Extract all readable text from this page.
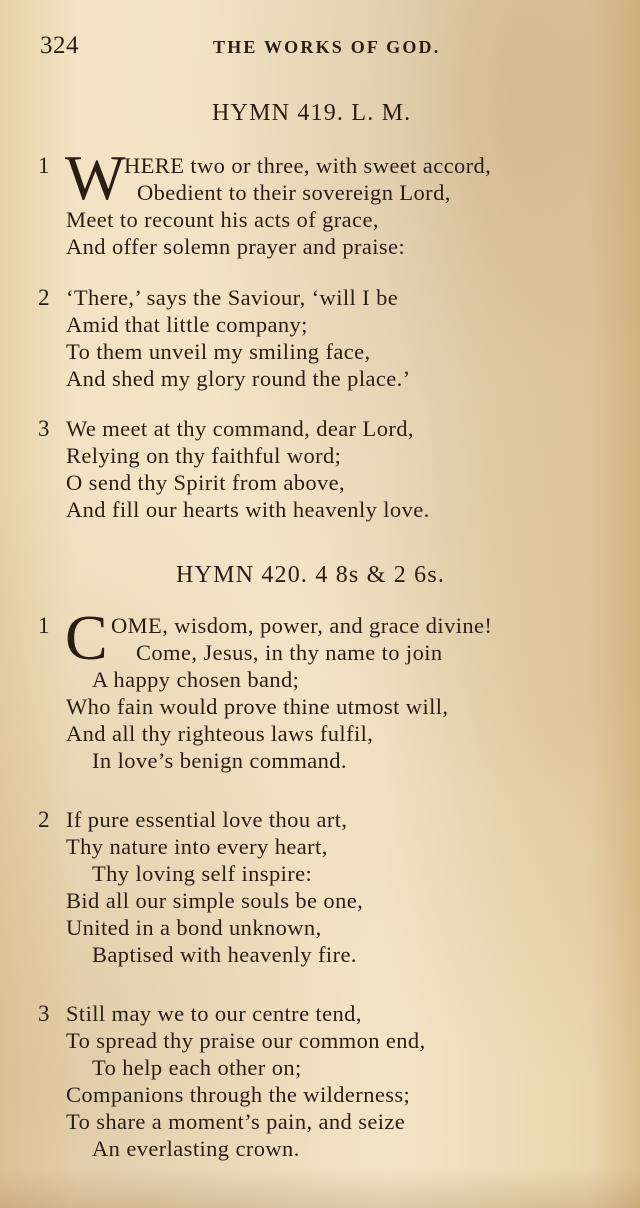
324	THE WORKS OF GOD.
HYMN 419. L. M.
1 W
HERE two or three, with sweet accord,
Obedient to their sovereign Lord,
Meet to recount his acts of grace,
And offer solemn prayer and praise:
2 ‘There,’ says the Saviour, ‘will I be
Amid that little company;
To them unveil my smiling face,
And shed my glory round the place.’
3 We meet at thy command, dear Lord,
Relying on thy faithful word;
O send thy Spirit from above,
And fill our hearts with heavenly love.
HYMN 420. 4 8s & 2 6s.
1 C OME, wisdom, power, and grace divine!
Come, Jesus, in thy name to join
A happy chosen band;
Who fain would prove thine utmost will,
And all thy righteous laws fulfil,
In love’s benign command.
2 If pure essential love thou art,
Thy nature into every heart,
Thy loving self inspire:
Bid all our simple souls be one,
United in a bond unknown,
Baptised with heavenly fire.
3 Still may we to our centre tend,
To spread thy praise our common end,
To help each other on;
Companions through the wilderness;
To share a moment’s pain, and seize
An everlasting crown.
